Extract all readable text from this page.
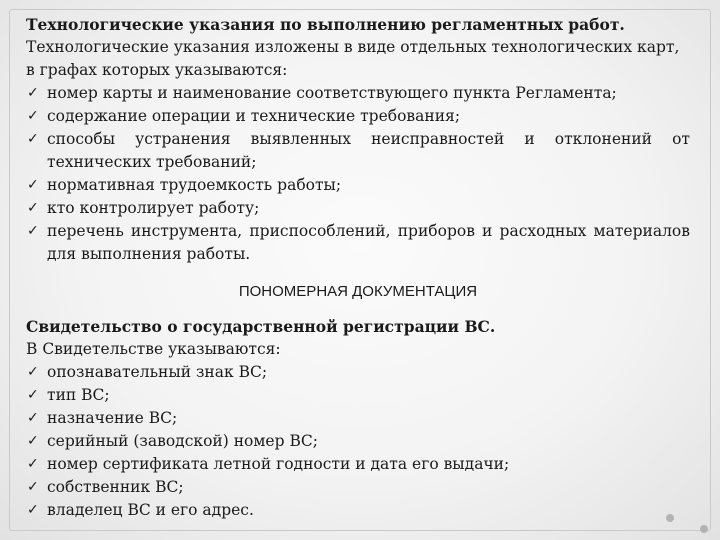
Технологические указания по выполнению регламентных работ.
Технологические указания изложены в виде отдельных технологических карт, в графах которых указываются:
✓ номер карты и наименование соответствующего пункта Регламента;
✓ содержание операции и технические требования;
✓ способы устранения выявленных неисправностей и отклонений от технических требований;
✓ нормативная трудоемкость работы;
✓ кто контролирует работу;
✓ перечень инструмента, приспособлений, приборов и расходных материалов для выполнения работы.
ПОНОМЕРНАЯ ДОКУМЕНТАЦИЯ
Свидетельство о государственной регистрации ВС.
В Свидетельстве указываются:
✓ опознавательный знак ВС;
✓ тип ВС;
✓ назначение ВС;
✓ серийный (заводской) номер ВС;
✓ номер сертификата летной годности и дата его выдачи;
✓ собственник ВС;
✓ владелец ВС и его адрес.
